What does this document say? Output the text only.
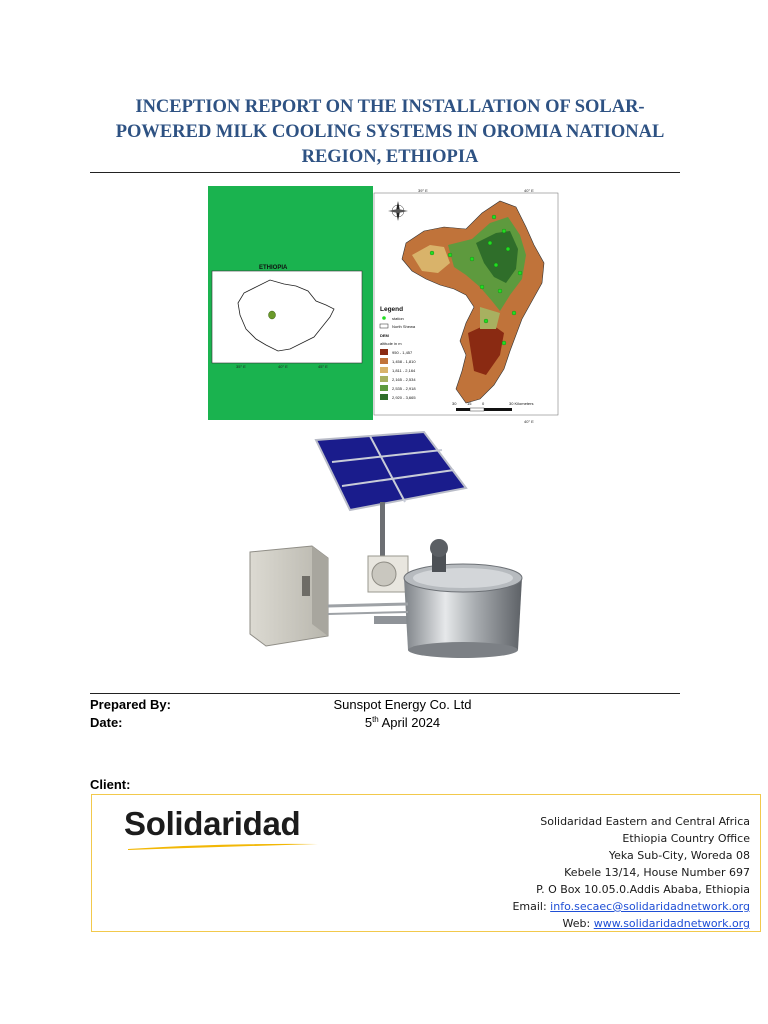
INCEPTION REPORT ON THE INSTALLATION OF SOLAR-
POWERED MILK COOLING SYSTEMS IN OROMIA NATIONAL
REGION, ETHIOPIA
ETHIOPIA
35° E	40° E	45° E
39° E	40° E
40° E
Legend
station
North Shewa
DEM
altitude in m
950 - 1,457
1,458 - 1,810
1,811 - 2,164
2,165 - 2,534
2,535 - 2,918
2,920 - 3,665
30	15	0	30 Kilometers
Prepared By:	Sunspot Energy Co. Ltd
Date:	5th April 2024
Client:
Solidaridad	Solidaridad Eastern and Central Africa
Ethiopia Country Office
Yeka Sub-City, Woreda 08
Kebele 13/14, House Number 697
P. O Box 10.05.0.Addis Ababa, Ethiopia
Email: info.secaec@solidaridadnetwork.org
Web: www.solidaridadnetwork.org
